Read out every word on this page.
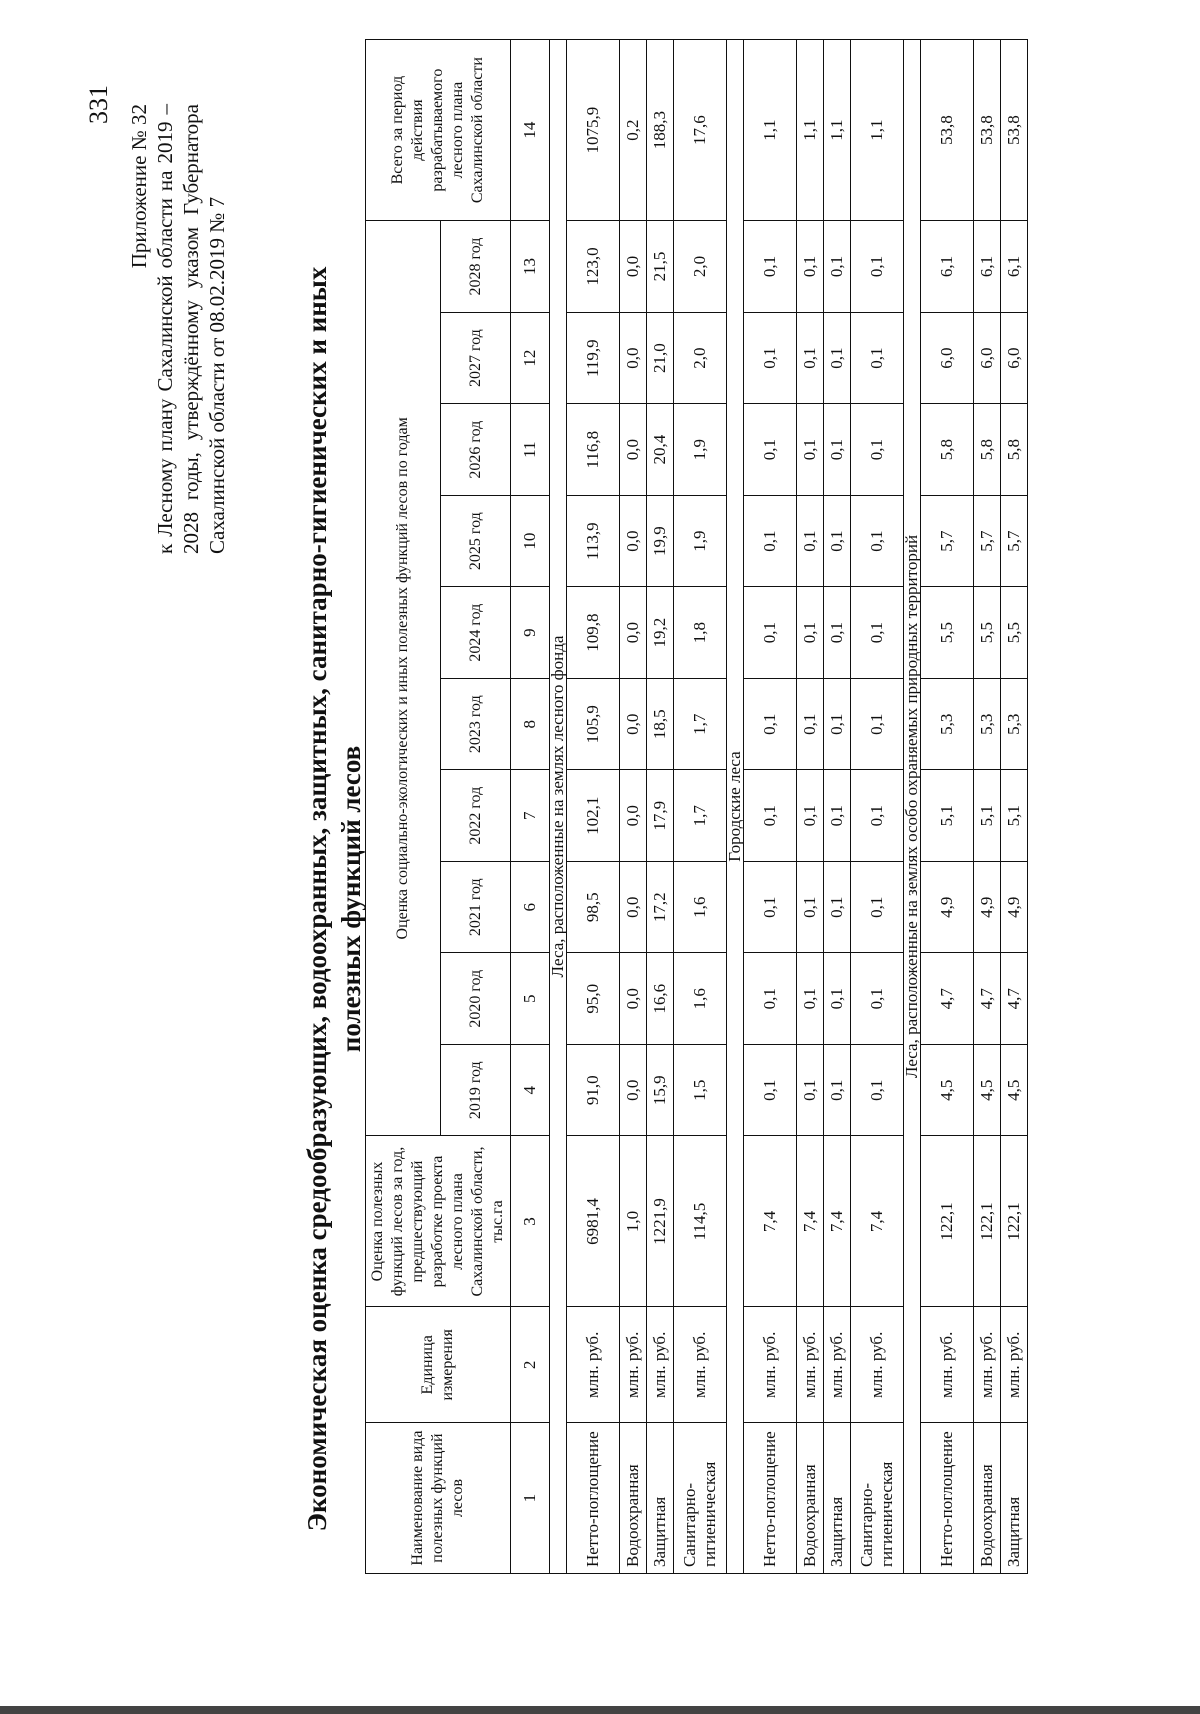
331 Приложение № 32 к Лесному плану Сахалинской области на 2019 – 2028 годы, утверждённому указом Губернатора Сахалинской области от 08.02.2019 № 7	Экономическая оценка средообразующих, водоохранных, защитных, санитарно-гигиенических и иных полезных функций лесов
Наименование вида полезных функций лесов	Единица измерения	Оценка полезных функций лесов за год, предшествующий разработке проекта лесного плана Сахалинской области, тыс.га	Оценка социально-экологических и иных полезных функций лесов по годам										Всего за период действия разрабатываемого лесного плана Сахалинской области
			2019 год	2020 год	2021 год	2022 год	2023 год	2024 год	2025 год	2026 год	2027 год	2028 год	
1	2	3	4	5	6	7	8	9	10	11	12	13	14
Леса, расположенные на землях лесного фонда													
Нетто-поглощение	млн. руб.	6981,4	91,0	95,0	98,5	102,1	105,9	109,8	113,9	116,8	119,9	123,0	1075,9
Водоохранная	млн. руб.	1,0	0,0	0,0	0,0	0,0	0,0	0,0	0,0	0,0	0,0	0,0	0,2
Защитная	млн. руб.	1221,9	15,9	16,6	17,2	17,9	18,5	19,2	19,9	20,4	21,0	21,5	188,3
Санитарно-гигиеническая	млн. руб.	114,5	1,5	1,6	1,6	1,7	1,7	1,8	1,9	1,9	2,0	2,0	17,6
Городские леса													
Нетто-поглощение	млн. руб.	7,4	0,1	0,1	0,1	0,1	0,1	0,1	0,1	0,1	0,1	0,1	1,1
Водоохранная	млн. руб.	7,4	0,1	0,1	0,1	0,1	0,1	0,1	0,1	0,1	0,1	0,1	1,1
Защитная	млн. руб.	7,4	0,1	0,1	0,1	0,1	0,1	0,1	0,1	0,1	0,1	0,1	1,1
Санитарно-гигиеническая	млн. руб.	7,4	0,1	0,1	0,1	0,1	0,1	0,1	0,1	0,1	0,1	0,1	1,1
Леса, расположенные на землях особо охраняемых природных территорий													
Нетто-поглощение	млн. руб.	122,1	4,5	4,7	4,9	5,1	5,3	5,5	5,7	5,8	6,0	6,1	53,8
Водоохранная	млн. руб.	122,1	4,5	4,7	4,9	5,1	5,3	5,5	5,7	5,8	6,0	6,1	53,8
Защитная	млн. руб.	122,1	4,5	4,7	4,9	5,1	5,3	5,5	5,7	5,8	6,0	6,1	53,8
